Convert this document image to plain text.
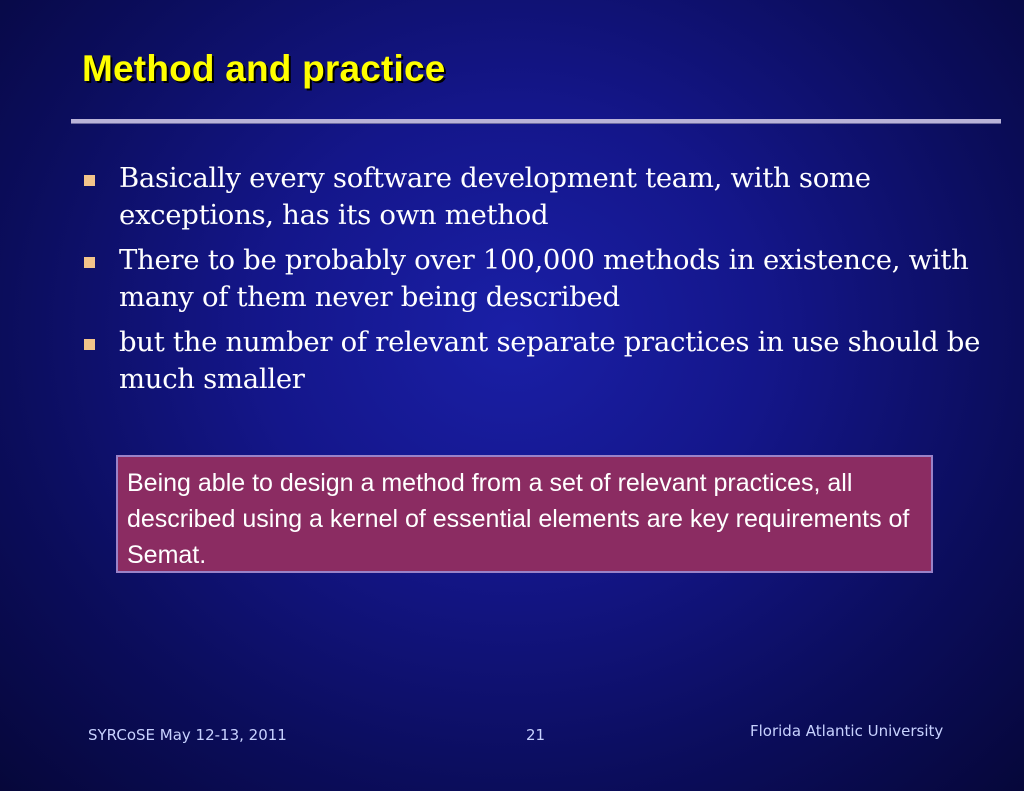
Method and practice
Basically every software development team, with some exceptions, has its own method
There to be probably over 100,000 methods in existence, with many of them never being described
but the number of relevant separate practices in use should be much smaller
Being able to design a method from a set of relevant practices, all described using a kernel of essential elements are key requirements of Semat.
SYRCoSE May 12-13, 2011	21	Florida Atlantic University
